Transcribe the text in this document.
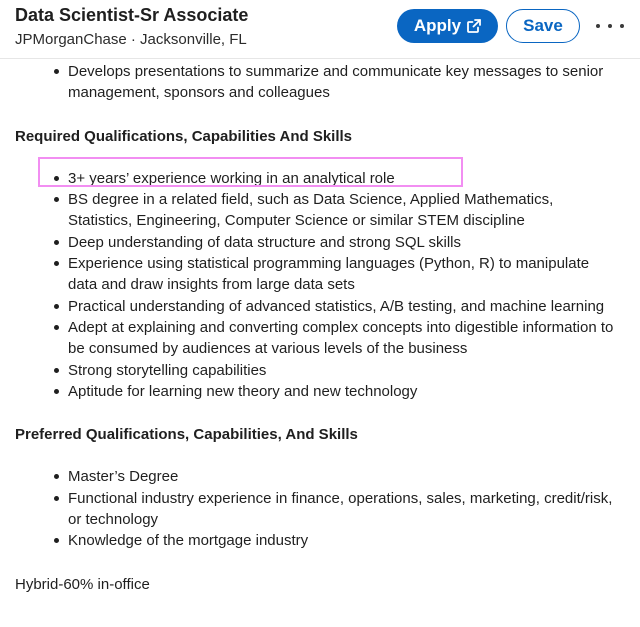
Data Scientist-Sr Associate
JPMorganChase · Jacksonville, FL
Apply	Save
Develops presentations to summarize and communicate key messages to senior management, sponsors and colleagues

Required Qualifications, Capabilities And Skills

3+ years’ experience working in an analytical role
BS degree in a related field, such as Data Science, Applied Mathematics, Statistics, Engineering, Computer Science or similar STEM discipline
Deep understanding of data structure and strong SQL skills
Experience using statistical programming languages (Python, R) to manipulate data and draw insights from large data sets
Practical understanding of advanced statistics, A/B testing, and machine learning
Adept at explaining and converting complex concepts into digestible information to be consumed by audiences at various levels of the business
Strong storytelling capabilities
Aptitude for learning new theory and new technology

Preferred Qualifications, Capabilities, And Skills

Master’s Degree
Functional industry experience in finance, operations, sales, marketing, credit/risk, or technology
Knowledge of the mortgage industry
Hybrid-60% in-office
